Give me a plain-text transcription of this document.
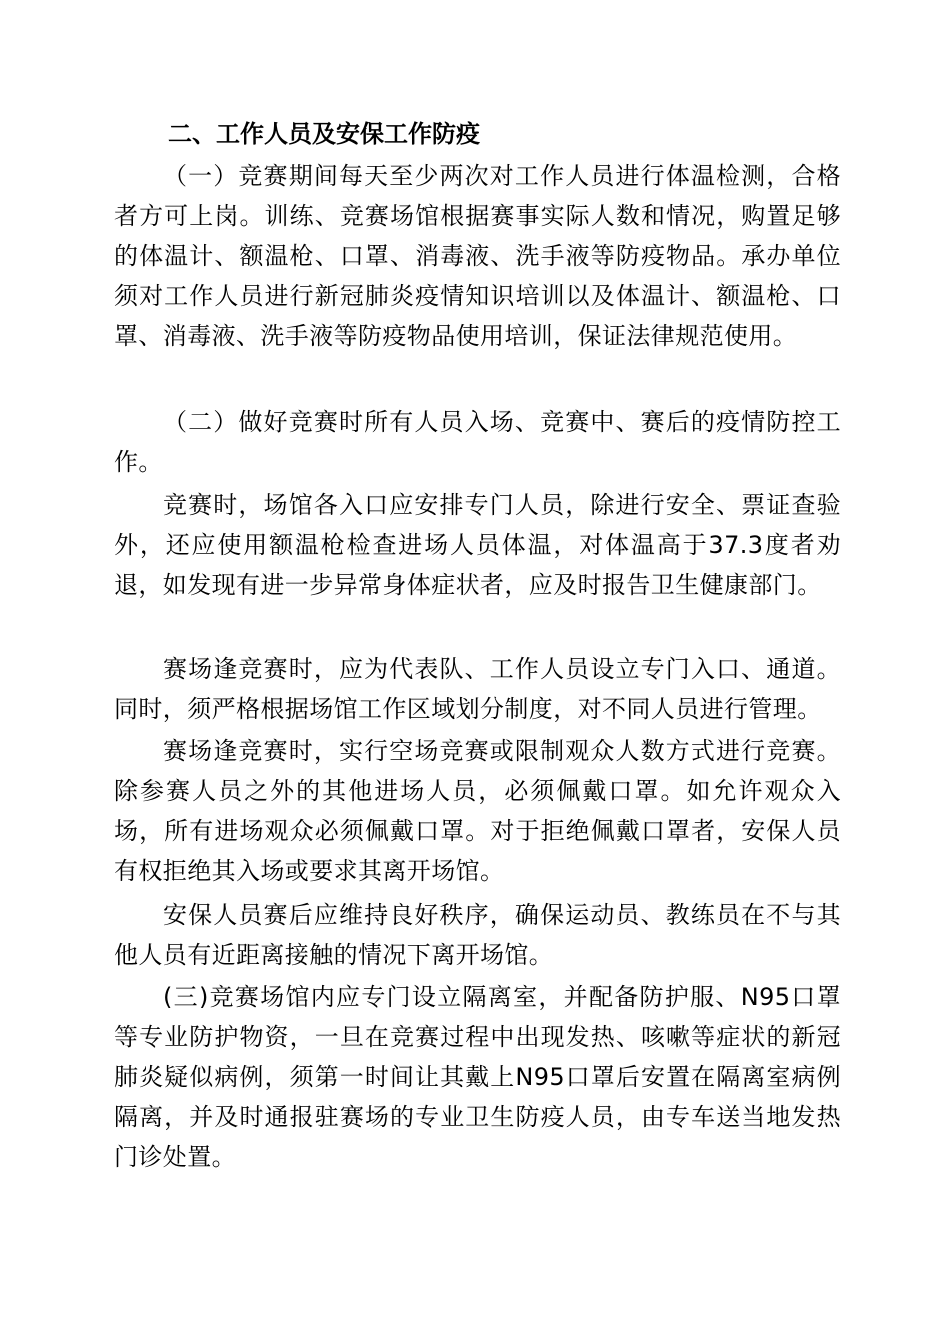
二、工作人员及安保工作防疫

（一）竞赛期间每天至少两次对工作人员进行体温检测，合格者方可上岗。训练、竞赛场馆根据赛事实际人数和情况，购置足够的体温计、额温枪、口罩、消毒液、洗手液等防疫物品。承办单位须对工作人员进行新冠肺炎疫情知识培训以及体温计、额温枪、口罩、消毒液、洗手液等防疫物品使用培训，保证法律规范使用。

（二）做好竞赛时所有人员入场、竞赛中、赛后的疫情防控工作。

竞赛时，场馆各入口应安排专门人员，除进行安全、票证查验外，还应使用额温枪检查进场人员体温，对体温高于37.3度者劝退，如发现有进一步异常身体症状者，应及时报告卫生健康部门。

赛场逢竞赛时，应为代表队、工作人员设立专门入口、通道。同时，须严格根据场馆工作区域划分制度，对不同人员进行管理。

赛场逢竞赛时，实行空场竞赛或限制观众人数方式进行竞赛。除参赛人员之外的其他进场人员，必须佩戴口罩。如允许观众入场，所有进场观众必须佩戴口罩。对于拒绝佩戴口罩者，安保人员有权拒绝其入场或要求其离开场馆。

安保人员赛后应维持良好秩序，确保运动员、教练员在不与其他人员有近距离接触的情况下离开场馆。

(三)竞赛场馆内应专门设立隔离室，并配备防护服、N95口罩等专业防护物资，一旦在竞赛过程中出现发热、咳嗽等症状的新冠肺炎疑似病例，须第一时间让其戴上N95口罩后安置在隔离室病例隔离，并及时通报驻赛场的专业卫生防疫人员，由专车送当地发热门诊处置。
